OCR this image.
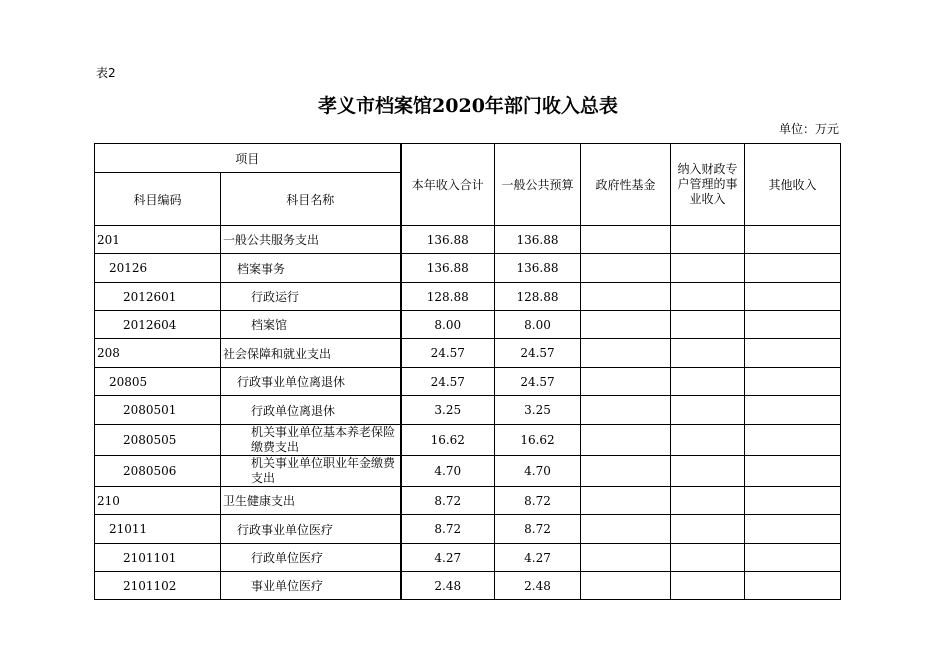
表2
孝义市档案馆2020年部门收入总表
单位：万元
项目		本年收入合计	一般公共预算	政府性基金	纳入财政专户管理的事业收入	其他收入
科目编码	科目名称					
201	一般公共服务支出	136.88	136.88			
20126	档案事务	136.88	136.88			
2012601	行政运行	128.88	128.88			
2012604	档案馆	8.00	8.00			
208	社会保障和就业支出	24.57	24.57			
20805	行政事业单位离退休	24.57	24.57			
2080501	行政单位离退休	3.25	3.25			
2080505	机关事业单位基本养老保险缴费支出	16.62	16.62			
2080506	机关事业单位职业年金缴费支出	4.70	4.70			
210	卫生健康支出	8.72	8.72			
21011	行政事业单位医疗	8.72	8.72			
2101101	行政单位医疗	4.27	4.27			
2101102	事业单位医疗	2.48	2.48			
